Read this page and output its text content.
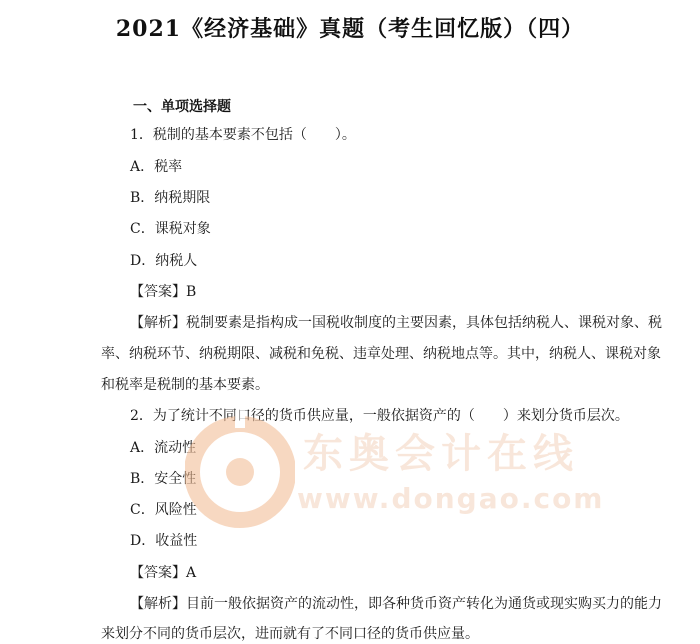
2021《经济基础》真题（考生回忆版）（四）
一、单项选择题
1．税制的基本要素不包括（　　）。
A．税率
B．纳税期限
C．课税对象
D．纳税人
【答案】B
【解析】税制要素是指构成一国税收制度的主要因素，具体包括纳税人、课税对象、税
率、纳税环节、纳税期限、减税和免税、违章处理、纳税地点等。其中，纳税人、课税对象
和税率是税制的基本要素。
2．为了统计不同口径的货币供应量，一般依据资产的（　　）来划分货币层次。
A．流动性
B．安全性
C．风险性
D．收益性
【答案】A
【解析】目前一般依据资产的流动性，即各种货币资产转化为通货或现实购买力的能力
来划分不同的货币层次，进而就有了不同口径的货币供应量。
东奥会计在线
www.dongao.com
